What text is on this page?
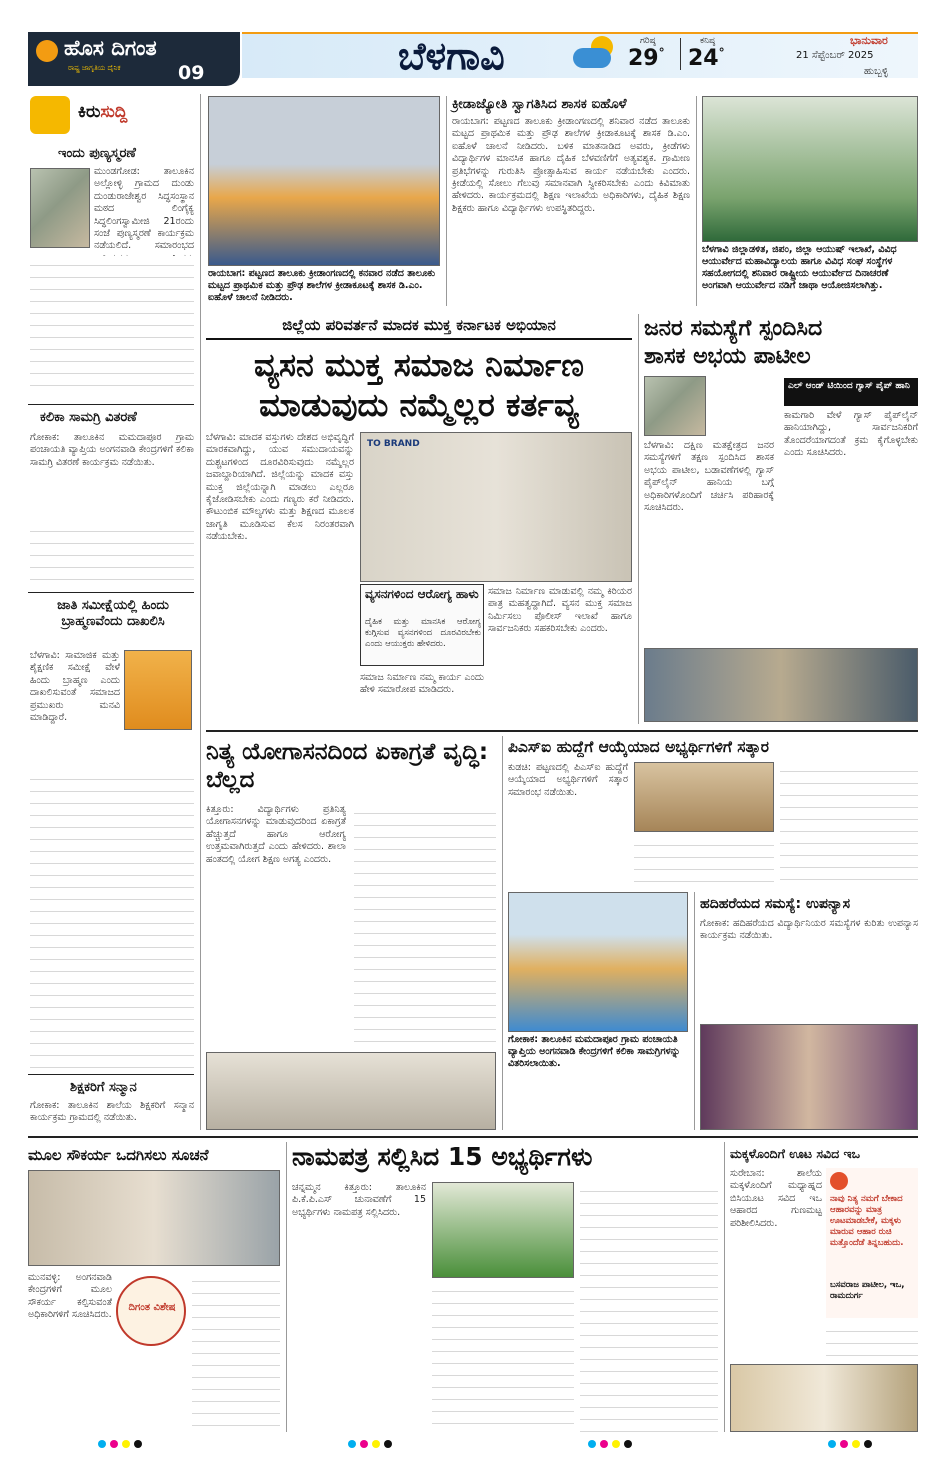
ಹೊಸ ದಿಗಂತ
ರಾಷ್ಟ್ರ ಜಾಗೃತಿಯ ದೈನಿಕ	09	ಬೆಳಗಾವಿ	ಗರಿಷ್ಠ
29°
ಕನಿಷ್ಠ
24°
ಭಾನುವಾರ
21 ಸೆಪ್ಟೆಂಬರ್ 2025
ಹುಬ್ಬಳ್ಳಿ
ಕಿರುಸುದ್ದಿ
ಇಂದು ಪುಣ್ಯಸ್ಮರಣೆ
ಮುಂಡಗೋಡ: ತಾಲೂಕಿನ ಅಲ್ಲೋಳ್ಳಿ ಗ್ರಾಮದ ದುಂಡು ದುಂಡುರಾಜೇಶ್ವರ ಸಿದ್ಧಸಂಸ್ಥಾನ ಮಠದ ಲಿಂಗೈಕ್ಯ ಸಿದ್ಧಲಿಂಗಸ್ವಾಮೀಜಿ 21ರಂದು ಸಂಜೆ ಪುಣ್ಯಸ್ಮರಣೆ ಕಾರ್ಯಕ್ರಮ ನಡೆಯಲಿದೆ. ಸಮಾರಂಭದ
ಕಲಿಕಾ ಸಾಮಗ್ರಿ ವಿತರಣೆ
ಗೋಕಾಕ: ತಾಲೂಕಿನ ಮಮದಾಪೂರ ಗ್ರಾಮ ಪಂಚಾಯತಿ ವ್ಯಾಪ್ತಿಯ ಅಂಗನವಾಡಿ ಕೇಂದ್ರಗಳಿಗೆ ಕಲಿಕಾ ಸಾಮಗ್ರಿ ವಿತರಣೆ ಕಾರ್ಯಕ್ರಮ ನಡೆಯಿತು.
ಜಾತಿ ಸಮೀಕ್ಷೆಯಲ್ಲಿ ಹಿಂದು ಬ್ರಾಹ್ಮಣವೆಂದು ದಾಖಲಿಸಿ
ಬೆಳಗಾವಿ: ಸಾಮಾಜಿಕ ಮತ್ತು ಶೈಕ್ಷಣಿಕ ಸಮೀಕ್ಷೆ ವೇಳೆ ಹಿಂದು ಬ್ರಾಹ್ಮಣ ಎಂದು ದಾಖಲಿಸುವಂತೆ ಸಮಾಜದ ಪ್ರಮುಖರು ಮನವಿ ಮಾಡಿದ್ದಾರೆ.
ಶಿಕ್ಷಕರಿಗೆ ಸನ್ಮಾನ
ಗೋಕಾಕ: ತಾಲೂಕಿನ ಶಾಲೆಯ ಶಿಕ್ಷಕರಿಗೆ ಸನ್ಮಾನ ಕಾರ್ಯಕ್ರಮ ಗ್ರಾಮದಲ್ಲಿ ನಡೆಯಿತು.
ರಾಯಬಾಗ: ಪಟ್ಟಣದ ತಾಲೂಕು ಕ್ರೀಡಾಂಗಣದಲ್ಲಿ ಕನವಾರ ನಡೆದ ತಾಲೂಕು ಮಟ್ಟದ ಪ್ರಾಥಮಿಕ ಮತ್ತು ಪ್ರೌಢ ಶಾಲೆಗಳ ಕ್ರೀಡಾಕೂಟಕ್ಕೆ ಶಾಸಕ ಡಿ.ಎಂ. ಐಹೊಳೆ ಚಾಲನೆ ನೀಡಿದರು.
ಕ್ರೀಡಾಜ್ಯೋತಿ ಸ್ವಾಗತಿಸಿದ ಶಾಸಕ ಐಹೊಳೆ
ರಾಯಬಾಗ: ಪಟ್ಟಣದ ತಾಲೂಕು ಕ್ರೀಡಾಂಗಣದಲ್ಲಿ ಶನಿವಾರ ನಡೆದ ತಾಲೂಕು ಮಟ್ಟದ ಪ್ರಾಥಮಿಕ ಮತ್ತು ಪ್ರೌಢ ಶಾಲೆಗಳ ಕ್ರೀಡಾಕೂಟಕ್ಕೆ ಶಾಸಕ ಡಿ.ಎಂ. ಐಹೊಳೆ ಚಾಲನೆ ನೀಡಿದರು. ಬಳಿಕ ಮಾತನಾಡಿದ ಅವರು, ಕ್ರೀಡೆಗಳು ವಿದ್ಯಾರ್ಥಿಗಳ ಮಾನಸಿಕ ಹಾಗೂ ದೈಹಿಕ ಬೆಳವಣಿಗೆಗೆ ಅತ್ಯವಶ್ಯಕ. ಗ್ರಾಮೀಣ ಪ್ರತಿಭೆಗಳನ್ನು ಗುರುತಿಸಿ ಪ್ರೋತ್ಸಾಹಿಸುವ ಕಾರ್ಯ ನಡೆಯಬೇಕು ಎಂದರು. ಕ್ರೀಡೆಯಲ್ಲಿ ಸೋಲು ಗೆಲುವು ಸಮಾನವಾಗಿ ಸ್ವೀಕರಿಸಬೇಕು ಎಂದು ಕಿವಿಮಾತು ಹೇಳಿದರು. ಕಾರ್ಯಕ್ರಮದಲ್ಲಿ ಶಿಕ್ಷಣ ಇಲಾಖೆಯ ಅಧಿಕಾರಿಗಳು, ದೈಹಿಕ ಶಿಕ್ಷಣ ಶಿಕ್ಷಕರು ಹಾಗೂ ವಿದ್ಯಾರ್ಥಿಗಳು ಉಪಸ್ಥಿತರಿದ್ದರು.
ಬೆಳಗಾವಿ ಜಿಲ್ಲಾಡಳಿತ, ಜಿಪಂ, ಜಿಲ್ಲಾ ಆಯುಷ್ ಇಲಾಖೆ, ವಿವಿಧ ಆಯುರ್ವೇದ ಮಹಾವಿದ್ಯಾಲಯ ಹಾಗೂ ವಿವಿಧ ಸಂಘ ಸಂಸ್ಥೆಗಳ ಸಹಯೋಗದಲ್ಲಿ ಶನಿವಾರ ರಾಷ್ಟ್ರೀಯ ಆಯುರ್ವೇದ ದಿನಾಚರಣೆ ಅಂಗವಾಗಿ ಆಯುರ್ವೇದ ನಡಿಗೆ ಜಾಥಾ ಆಯೋಜಿಸಲಾಗಿತ್ತು.
ಜಿಲ್ಲೆಯ ಪರಿವರ್ತನೆ ಮಾದಕ ಮುಕ್ತ ಕರ್ನಾಟಕ ಅಭಿಯಾನ
ವ್ಯಸನ ಮುಕ್ತ ಸಮಾಜ ನಿರ್ಮಾಣ
ಮಾಡುವುದು ನಮ್ಮೆಲ್ಲರ ಕರ್ತವ್ಯ
ಬೆಳಗಾವಿ: ಮಾದಕ ವಸ್ತುಗಳು ದೇಶದ ಅಭಿವೃದ್ಧಿಗೆ ಮಾರಕವಾಗಿದ್ದು, ಯುವ ಸಮುದಾಯವನ್ನು ದುಶ್ಚಟಗಳಿಂದ ದೂರವಿರಿಸುವುದು ನಮ್ಮೆಲ್ಲರ ಜವಾಬ್ದಾರಿಯಾಗಿದೆ. ಜಿಲ್ಲೆಯನ್ನು ಮಾದಕ ವಸ್ತು ಮುಕ್ತ ಜಿಲ್ಲೆಯನ್ನಾಗಿ ಮಾಡಲು ಎಲ್ಲರೂ ಕೈಜೋಡಿಸಬೇಕು ಎಂದು ಗಣ್ಯರು ಕರೆ ನೀಡಿದರು. ಕೌಟುಂಬಿಕ ಮೌಲ್ಯಗಳು ಮತ್ತು ಶಿಕ್ಷಣದ ಮೂಲಕ ಜಾಗೃತಿ ಮೂಡಿಸುವ ಕೆಲಸ ನಿರಂತರವಾಗಿ ನಡೆಯಬೇಕು.
TO BRAND
ವ್ಯಸನಗಳಿಂದ ಆರೋಗ್ಯ ಹಾಳು
ದೈಹಿಕ ಮತ್ತು ಮಾನಸಿಕ ಆರೋಗ್ಯ ಕುಗ್ಗಿಸುವ ವ್ಯಸನಗಳಿಂದ ದೂರವಿರಬೇಕು ಎಂದು ಆಯುಕ್ತರು ಹೇಳಿದರು.
ಸಮಾಜ ನಿರ್ಮಾಣ ಮಾಡುವಲ್ಲಿ ನಮ್ಮ ಕಿರಿಯರ ಪಾತ್ರ ಮಹತ್ವದ್ದಾಗಿದೆ. ವ್ಯಸನ ಮುಕ್ತ ಸಮಾಜ ನಿರ್ಮಿಸಲು ಪೊಲೀಸ್ ಇಲಾಖೆ ಹಾಗೂ ಸಾರ್ವಜನಿಕರು ಸಹಕರಿಸಬೇಕು ಎಂದರು.
ಸಮಾಜ ನಿರ್ಮಾಣ ನಮ್ಮ ಕಾರ್ಯ ಎಂದು ಹೇಳಿ ಸಮಾರೋಪ ಮಾಡಿದರು.
ಜನರ ಸಮಸ್ಯೆಗೆ ಸ್ಪಂದಿಸಿದ
ಶಾಸಕ ಅಭಯ ಪಾಟೀಲ
ಬೆಳಗಾವಿ: ದಕ್ಷಿಣ ಮತಕ್ಷೇತ್ರದ ಜನರ ಸಮಸ್ಯೆಗಳಿಗೆ ತಕ್ಷಣ ಸ್ಪಂದಿಸಿದ ಶಾಸಕ ಅಭಯ ಪಾಟೀಲ, ಬಡಾವಣೆಗಳಲ್ಲಿ ಗ್ಯಾಸ್ ಪೈಪ್‌ಲೈನ್ ಹಾನಿಯ ಬಗ್ಗೆ ಅಧಿಕಾರಿಗಳೊಂದಿಗೆ ಚರ್ಚಿಸಿ ಪರಿಹಾರಕ್ಕೆ ಸೂಚಿಸಿದರು.
ಎಲ್ ಆಂಡ್ ಟಿಯಿಂದ ಗ್ಯಾಸ್ ಪೈಪ್ ಹಾನಿ
ಕಾಮಗಾರಿ ವೇಳೆ ಗ್ಯಾಸ್ ಪೈಪ್‌ಲೈನ್ ಹಾನಿಯಾಗಿದ್ದು, ಸಾರ್ವಜನಿಕರಿಗೆ ತೊಂದರೆಯಾಗದಂತೆ ಕ್ರಮ ಕೈಗೊಳ್ಳಬೇಕು ಎಂದು ಸೂಚಿಸಿದರು.
ನಿತ್ಯ ಯೋಗಾಸನದಿಂದ ಏಕಾಗ್ರತೆ ವೃದ್ಧಿ: ಬೆಲ್ಲದ
ಕಿತ್ತೂರು: ವಿದ್ಯಾರ್ಥಿಗಳು ಪ್ರತಿನಿತ್ಯ ಯೋಗಾಸನಗಳನ್ನು ಮಾಡುವುದರಿಂದ ಏಕಾಗ್ರತೆ ಹೆಚ್ಚುತ್ತದೆ ಹಾಗೂ ಆರೋಗ್ಯ ಉತ್ತಮವಾಗಿರುತ್ತದೆ ಎಂದು ಹೇಳಿದರು. ಶಾಲಾ ಹಂತದಲ್ಲಿ ಯೋಗ ಶಿಕ್ಷಣ ಅಗತ್ಯ ಎಂದರು.
ಪಿಎಸ್‌ಐ ಹುದ್ದೆಗೆ ಆಯ್ಕೆಯಾದ ಅಭ್ಯರ್ಥಿಗಳಿಗೆ ಸತ್ಕಾರ
ಕುಡಚಿ: ಪಟ್ಟಣದಲ್ಲಿ ಪಿಎಸ್‌ಐ ಹುದ್ದೆಗೆ ಆಯ್ಕೆಯಾದ ಅಭ್ಯರ್ಥಿಗಳಿಗೆ ಸತ್ಕಾರ ಸಮಾರಂಭ ನಡೆಯಿತು.
ಗೋಕಾಕ: ತಾಲೂಕಿನ ಮಮದಾಪೂರ ಗ್ರಾಮ ಪಂಚಾಯತಿ ವ್ಯಾಪ್ತಿಯ ಅಂಗನವಾಡಿ ಕೇಂದ್ರಗಳಿಗೆ ಕಲಿಕಾ ಸಾಮಗ್ರಿಗಳನ್ನು ವಿತರಿಸಲಾಯಿತು.
ಹದಿಹರೆಯದ ಸಮಸ್ಯೆ: ಉಪನ್ಯಾಸ
ಗೋಕಾಕ: ಹದಿಹರೆಯದ ವಿದ್ಯಾರ್ಥಿನಿಯರ ಸಮಸ್ಯೆಗಳ ಕುರಿತು ಉಪನ್ಯಾಸ ಕಾರ್ಯಕ್ರಮ ನಡೆಯಿತು.
ಮೂಲ ಸೌಕರ್ಯ ಒದಗಿಸಲು ಸೂಚನೆ
ಮುನವಳ್ಳಿ: ಅಂಗನವಾಡಿ ಕೇಂದ್ರಗಳಿಗೆ ಮೂಲ ಸೌಕರ್ಯ ಕಲ್ಪಿಸುವಂತೆ ಅಧಿಕಾರಿಗಳಿಗೆ ಸೂಚಿಸಿದರು.
ದಿಗಂತ ವಿಶೇಷ
ನಾಮಪತ್ರ ಸಲ್ಲಿಸಿದ 15 ಅಭ್ಯರ್ಥಿಗಳು
ಚನ್ನಮ್ಮನ ಕಿತ್ತೂರು: ತಾಲೂಕಿನ ಪಿ.ಕೆ.ಪಿ.ಎಸ್ ಚುನಾವಣೆಗೆ 15 ಅಭ್ಯರ್ಥಿಗಳು ನಾಮಪತ್ರ ಸಲ್ಲಿಸಿದರು.
ಮಕ್ಕಳೊಂದಿಗೆ ಊಟ ಸವಿದ ಇಒ
ಸುರೇಬಾನ: ಶಾಲೆಯ ಮಕ್ಕಳೊಂದಿಗೆ ಮಧ್ಯಾಹ್ನದ ಬಿಸಿಯೂಟ ಸವಿದ ಇಒ ಆಹಾರದ ಗುಣಮಟ್ಟ ಪರಿಶೀಲಿಸಿದರು.
ನಾವು ನಿತ್ಯ ನಮಗೆ ಬೇಕಾದ ಆಹಾರವನ್ನು ಮಾತ್ರ ಊಟಮಾಡಬೇಕೆ, ಮಕ್ಕಳು ಮಾರುವ ಆಹಾರ ರುಚಿ ಮತ್ತೊಂದೆಡೆ ತಿನ್ನಬಹುದು.
ಬಸವರಾಜ ಪಾಟೀಲ, ಇಒ, ರಾಮದುರ್ಗ
